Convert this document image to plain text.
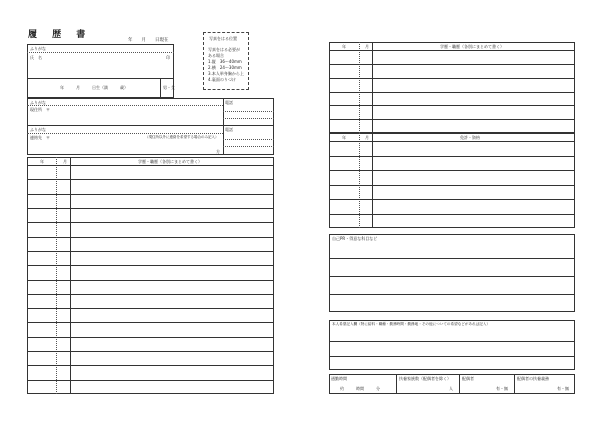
履 歴 書
年　　月　　日現在	写真をはる位置
写真をはる必要が
ある場合
1.縦　36～40mm
2.横　24～30mm
3.本人単身胸から上
4.裏面のりづけ
ふりがな
氏　名	印
年　　　月　　　日生（満　　　歳）	男・女
ふりがな
現住所　〒
電話
ふりがな
連絡先　〒	（現住所以外に連絡を希望する場合のみ記入）
電話
方
年	月	学歴・職歴（各別にまとめて書く）
年	月	学歴・職歴（各別にまとめて書く）
年	月	免許・資格
自己PR・得意な科目など
本人希望記入欄（特に給料・職種・勤務時間・勤務地・その他についての希望などがあれば記入）
通勤時間
約　　　時間　　　分
扶養家族数（配偶者を除く）
人
配偶者
有・無
配偶者の扶養義務
有・無
